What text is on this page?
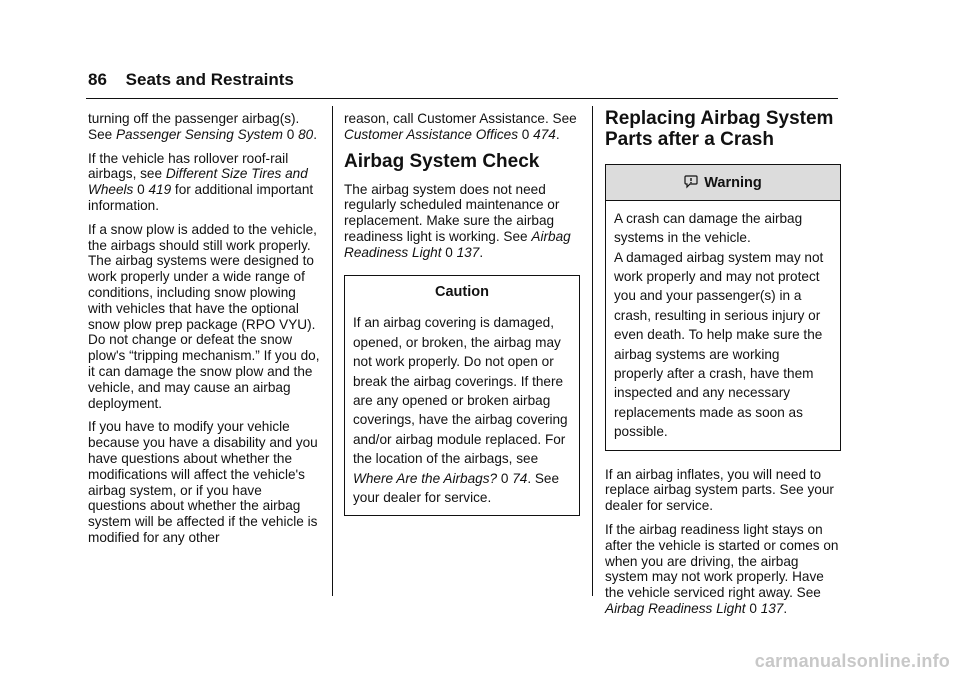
86 Seats and Restraints

turning off the passenger airbag(s). See Passenger Sensing System 0 80.

If the vehicle has rollover roof-rail airbags, see Different Size Tires and Wheels 0 419 for additional important information.

If a snow plow is added to the vehicle, the airbags should still work properly. The airbag systems were designed to work properly under a wide range of conditions, including snow plowing with vehicles that have the optional snow plow prep package (RPO VYU). Do not change or defeat the snow plow's “tripping mechanism.” If you do, it can damage the snow plow and the vehicle, and may cause an airbag deployment.

If you have to modify your vehicle because you have a disability and you have questions about whether the modifications will affect the vehicle's airbag system, or if you have questions about whether the airbag system will be affected if the vehicle is modified for any other

reason, call Customer Assistance. See Customer Assistance Offices 0 474.

Airbag System Check

The airbag system does not need regularly scheduled maintenance or replacement. Make sure the airbag readiness light is working. See Airbag Readiness Light 0 137.

Caution

If an airbag covering is damaged, opened, or broken, the airbag may not work properly. Do not open or break the airbag coverings. If there are any opened or broken airbag coverings, have the airbag covering and/or airbag module replaced. For the location of the airbags, see Where Are the Airbags? 0 74. See your dealer for service.

Replacing Airbag System Parts after a Crash
Warning

A crash can damage the airbag systems in the vehicle.

A damaged airbag system may not work properly and may not protect you and your passenger(s) in a crash, resulting in serious injury or even death. To help make sure the airbag systems are working properly after a crash, have them inspected and any necessary replacements made as soon as possible.

If an airbag inflates, you will need to replace airbag system parts. See your dealer for service.

If the airbag readiness light stays on after the vehicle is started or comes on when you are driving, the airbag system may not work properly. Have the vehicle serviced right away. See Airbag Readiness Light 0 137.

carmanualsonline.info
